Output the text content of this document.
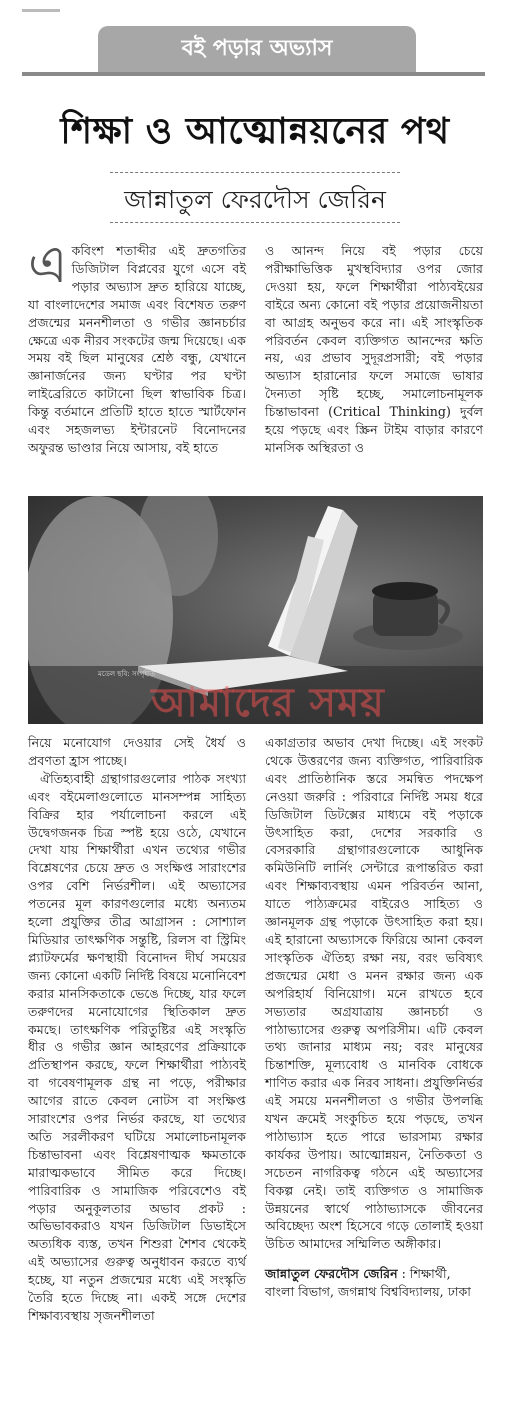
বই পড়ার অভ্যাস
শিক্ষা ও আত্মোন্নয়নের পথ
জান্নাতুল ফেরদৌস জেরিন

একবিংশ শতাব্দীর এই দ্রুতগতির ডিজিটাল বিপ্লবের যুগে এসে বই পড়ার অভ্যাস দ্রুত হারিয়ে যাচ্ছে, যা বাংলাদেশের সমাজ এবং বিশেষত তরুণ প্রজন্মের মননশীলতা ও গভীর জ্ঞানচর্চার ক্ষেত্রে এক নীরব সংকটের জন্ম দিয়েছে। এক সময় বই ছিল মানুষের শ্রেষ্ঠ বন্ধু, যেখানে জ্ঞানার্জনের জন্য ঘণ্টার পর ঘণ্টা লাইব্রেরিতে কাটানো ছিল স্বাভাবিক চিত্র। কিন্তু বর্তমানে প্রতিটি হাতে হাতে স্মার্টফোন এবং সহজলভ্য ইন্টারনেট বিনোদনের অফুরন্ত ভাণ্ডার নিয়ে আসায়, বই হাতে

ও আনন্দ নিয়ে বই পড়ার চেয়ে পরীক্ষাভিত্তিক মুখস্থবিদ্যার ওপর জোর দেওয়া হয়, ফলে শিক্ষার্থীরা পাঠ্যবইয়ের বাইরে অন্য কোনো বই পড়ার প্রয়োজনীয়তা বা আগ্রহ অনুভব করে না। এই সাংস্কৃতিক পরিবর্তন কেবল ব্যক্তিগত আনন্দের ক্ষতি নয়, এর প্রভাব সুদূরপ্রসারী; বই পড়ার অভ্যাস হারানোর ফলে সমাজে ভাষার দৈন্যতা সৃষ্টি হচ্ছে, সমালোচনামূলক চিন্তাভাবনা (Critical Thinking) দুর্বল হয়ে পড়ছে এবং স্ক্রিন টাইম বাড়ার কারণে মানসিক অস্থিরতা ও

মডেল ছবি: সংগৃহীত
আমাদের সময়

নিয়ে মনোযোগ দেওয়ার সেই ধৈর্য ও প্রবণতা হ্রাস পাচ্ছে।

ঐতিহ্যবাহী গ্রন্থাগারগুলোর পাঠক সংখ্যা এবং বইমেলাগুলোতে মানসম্পন্ন সাহিত্য বিক্রির হার পর্যালোচনা করলে এই উদ্বেগজনক চিত্র স্পষ্ট হয়ে ওঠে, যেখানে দেখা যায় শিক্ষার্থীরা এখন তথ্যের গভীর বিশ্লেষণের চেয়ে দ্রুত ও সংক্ষিপ্ত সারাংশের ওপর বেশি নির্ভরশীল। এই অভ্যাসের পতনের মূল কারণগুলোর মধ্যে অন্যতম হলো প্রযুক্তির তীব্র আগ্রাসন : সোশ্যাল মিডিয়ার তাৎক্ষণিক সন্তুষ্টি, রিলস বা স্ট্রিমিং প্ল্যাটফর্মের ক্ষণস্থায়ী বিনোদন দীর্ঘ সময়ের জন্য কোনো একটি নির্দিষ্ট বিষয়ে মনোনিবেশ করার মানসিকতাকে ভেঙে দিচ্ছে, যার ফলে তরুণদের মনোযোগের স্থিতিকাল দ্রুত কমছে। তাৎক্ষণিক পরিতুষ্টির এই সংস্কৃতি ধীর ও গভীর জ্ঞান আহরণের প্রক্রিয়াকে প্রতিস্থাপন করছে, ফলে শিক্ষার্থীরা পাঠ্যবই বা গবেষণামূলক গ্রন্থ না পড়ে, পরীক্ষার আগের রাতে কেবল নোটস বা সংক্ষিপ্ত সারাংশের ওপর নির্ভর করছে, যা তথ্যের অতি সরলীকরণ ঘটিয়ে সমালোচনামূলক চিন্তাভাবনা এবং বিশ্লেষণাত্মক ক্ষমতাকে মারাত্মকভাবে সীমিত করে দিচ্ছে। পারিবারিক ও সামাজিক পরিবেশেও বই পড়ার অনুকূলতার অভাব প্রকট : অভিভাবকরাও যখন ডিজিটাল ডিভাইসে অত্যধিক ব্যস্ত, তখন শিশুরা শৈশব থেকেই এই অভ্যাসের গুরুত্ব অনুধাবন করতে ব্যর্থ হচ্ছে, যা নতুন প্রজন্মের মধ্যে এই সংস্কৃতি তৈরি হতে দিচ্ছে না। একই সঙ্গে দেশের শিক্ষাব্যবস্থায় সৃজনশীলতা

একাগ্রতার অভাব দেখা দিচ্ছে। এই সংকট থেকে উত্তরণের জন্য ব্যক্তিগত, পারিবারিক এবং প্রাতিষ্ঠানিক স্তরে সমন্বিত পদক্ষেপ নেওয়া জরুরি : পরিবারে নির্দিষ্ট সময় ধরে ডিজিটাল ডিটক্সের মাধ্যমে বই পড়াকে উৎসাহিত করা, দেশের সরকারি ও বেসরকারি গ্রন্থাগারগুলোকে আধুনিক কমিউনিটি লার্নিং সেন্টারে রূপান্তরিত করা এবং শিক্ষাব্যবস্থায় এমন পরিবর্তন আনা, যাতে পাঠ্যক্রমের বাইরেও সাহিত্য ও জ্ঞানমূলক গ্রন্থ পড়াকে উৎসাহিত করা হয়। এই হারানো অভ্যাসকে ফিরিয়ে আনা কেবল সাংস্কৃতিক ঐতিহ্য রক্ষা নয়, বরং ভবিষ্যৎ প্রজন্মের মেধা ও মনন রক্ষার জন্য এক অপরিহার্য বিনিয়োগ। মনে রাখতে হবে সভ্যতার অগ্রযাত্রায় জ্ঞানচর্চা ও পাঠাভ্যাসের গুরুত্ব অপরিসীম। এটি কেবল তথ্য জানার মাধ্যম নয়; বরং মানুষের চিন্তাশক্তি, মূল্যবোধ ও মানবিক বোধকে শাণিত করার এক নিরব সাধনা। প্রযুক্তিনির্ভর এই সময়ে মননশীলতা ও গভীর উপলব্ধি যখন ক্রমেই সংকুচিত হয়ে পড়ছে, তখন পাঠাভ্যাস হতে পারে ভারসাম্য রক্ষার কার্যকর উপায়। আত্মোন্নয়ন, নৈতিকতা ও সচেতন নাগরিকত্ব গঠনে এই অভ্যাসের বিকল্প নেই। তাই ব্যক্তিগত ও সামাজিক উন্নয়নের স্বার্থে পাঠাভ্যাসকে জীবনের অবিচ্ছেদ্য অংশ হিসেবে গড়ে তোলাই হওয়া উচিত আমাদের সম্মিলিত অঙ্গীকার।

জান্নাতুল ফেরদৌস জেরিন : শিক্ষার্থী, বাংলা বিভাগ, জগন্নাথ বিশ্ববিদ্যালয়, ঢাকা
